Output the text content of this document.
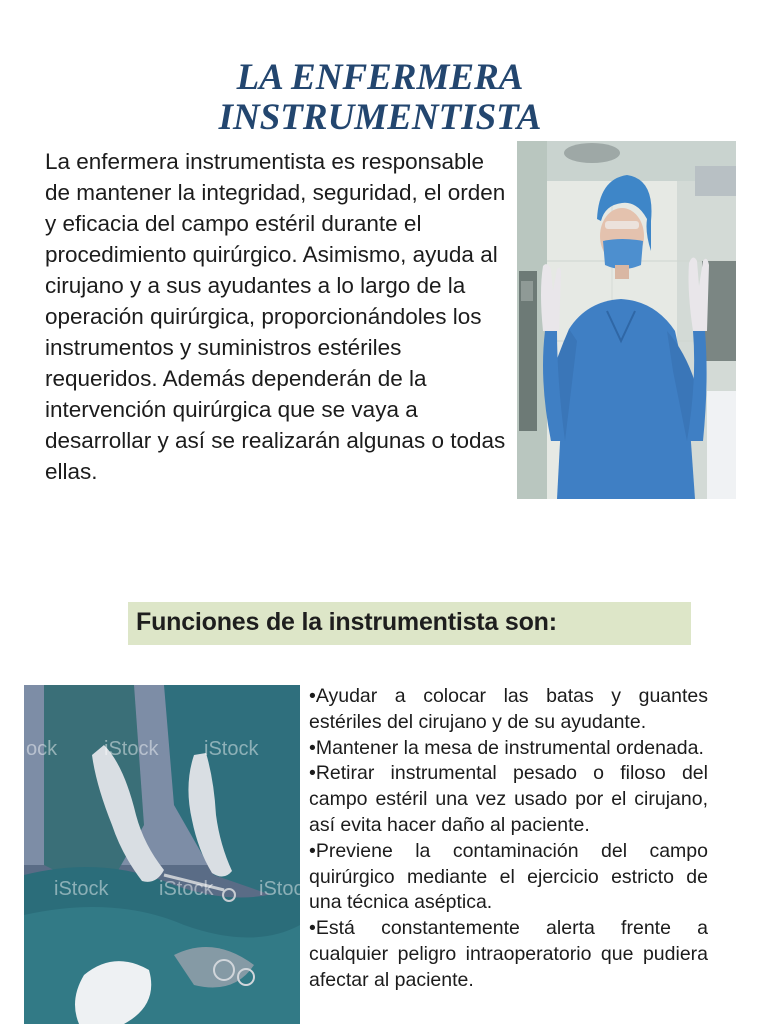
LA ENFERMERA
INSTRUMENTISTA
La enfermera instrumentista es responsable de mantener la integridad, seguridad, el orden y eficacia del campo estéril durante el procedimiento quirúrgico. Asimismo, ayuda al cirujano y a sus ayudantes a lo largo de la operación quirúrgica, proporcionándoles los instrumentos y suministros estériles requeridos. Además dependerán de la intervención quirúrgica que se vaya a desarrollar y así se realizarán algunas o todas ellas.
Funciones de la instrumentista son:
ock iStock iStock
iStock	iStock iStock
•Ayudar a colocar las batas y guantes estériles del cirujano y de su ayudante.
•Mantener la mesa de instrumental ordenada.
•Retirar instrumental pesado o filoso del campo estéril una vez usado por el cirujano, así evita hacer daño al paciente.
•Previene la contaminación del campo quirúrgico mediante el ejercicio estricto de una técnica aséptica.
•Está constantemente alerta frente a cualquier peligro intraoperatorio que pudiera afectar al paciente.
